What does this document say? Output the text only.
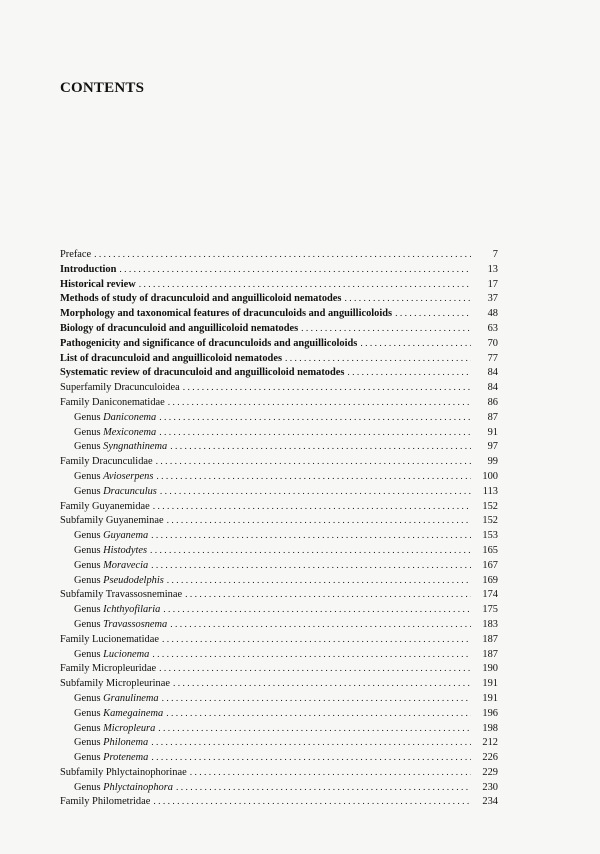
CONTENTS
Preface . . .	7
Introduction . . .	13
Historical review . . .	17
Methods of study of dracunculoid and anguillicoloid nematodes . . .	37
Morphology and taxonomical features of dracunculoids and anguillicoloids . . .	48
Biology of dracunculoid and anguillicoloid nematodes . . .	63
Pathogenicity and significance of dracunculoids and anguillicoloids . . .	70
List of dracunculoid and anguillicoloid nematodes . . .	77
Systematic review of dracunculoid and anguillicoloid nematodes . . .	84
Superfamily Dracunculoidea . . .	84
Family Daniconematidae . . .	86
Genus Daniconema . . .	87
Genus Mexiconema . . .	91
Genus Syngnathinema . . .	97
Family Dracunculidae . . .	99
Genus Avioserpens . . .	100
Genus Dracunculus . . .	113
Family Guyanemidae . . .	152
Subfamily Guyaneminae . . .	152
Genus Guyanema . . .	153
Genus Histodytes . . .	165
Genus Moravecia . . .	167
Genus Pseudodelphis . . .	169
Subfamily Travassosneminae . . .	174
Genus Ichthyofilaria . . .	175
Genus Travassosnema . . .	183
Family Lucionematidae . . .	187
Genus Lucionema . . .	187
Family Micropleuridae . . .	190
Subfamily Micropleurinae . . .	191
Genus Granulinema . . .	191
Genus Kamegainema . . .	196
Genus Micropleura . . .	198
Genus Philonema . . .	212
Genus Protenema . . .	226
Subfamily Phlyctainophorinae . . .	229
Genus Phlyctainophora . . .	230
Family Philometridae . . .	234
